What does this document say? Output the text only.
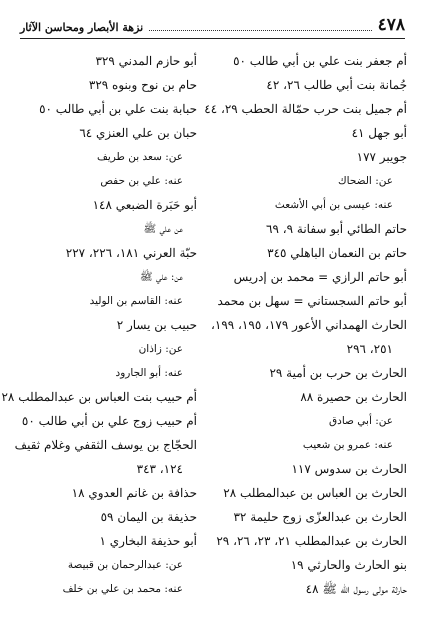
٤٧٨
نزهة الأبصار ومحاسن الآثار
أم جعفر بنت علي بن أبي طالب ٥٠
جُمانة بنت أبي طالب ٢٦، ٤٢
أم جميل بنت حرب حمّالة الحطب ٢٩، ٤٤
أبو جهل ٤١
جويبر ١٧٧
عن: الضحاك
عنه: عيسى بن أبي الأشعث
حاتم الطائي أبو سفانة ٩، ٦٩
حاتم بن النعمان الباهلي ٣٤٥
أبو حاتم الرازي = محمد بن إدريس
أبو حاتم السجستاني = سهل بن محمد
الحارث الهمداني الأعور ١٧٩، ١٩٥، ١٩٩،
٢٥١، ٢٩٦
الحارث بن حرب بن أمية ٢٩
الحارث بن حصيرة ٨٨
عن: أبي صادق
عنه: عمرو بن شعيب
الحارث بن سدوس ١١٧
الحارث بن العباس بن عبدالمطلب ٢٨
الحارث بن عبدالعزّى زوج حليمة ٣٢
الحارث بن عبدالمطلب ٢١، ٢٣، ٢٦، ٢٩
بنو الحارث والحارثي ١٩
حارثة مولى رسول الله ﷺ ٤٨
أبو حازم المدني ٣٢٩
حام بن نوح وبنوه ٣٢٩
حبابة بنت علي بن أبي طالب ٥٠
حبان بن علي العنزي ٦٤
عن: سعد بن طريف
عنه: علي بن حفص
أبو حَبَرة الضبعي ١٤٨
عن علي ﷺ
حبّة العرني ١٨١، ٢٢٦، ٢٢٧
عن: علي ﷺ
عنه: القاسم بن الوليد
حبيب بن يسار ٢
عن: زاذان
عنه: أبو الجارود
أم حبيب بنت العباس بن عبدالمطلب ٢٨
أم حبيب زوج علي بن أبي طالب ٥٠
الحجّاج بن يوسف الثقفي وغلام ثقيف
١٢٤، ٣٤٣
حذافة بن غانم العدوي ١٨
حذيفة بن اليمان ٥٩
أبو حذيفة البخاري ١
عن: عبدالرحمان بن قبيصة
عنه: محمد بن علي بن خلف
